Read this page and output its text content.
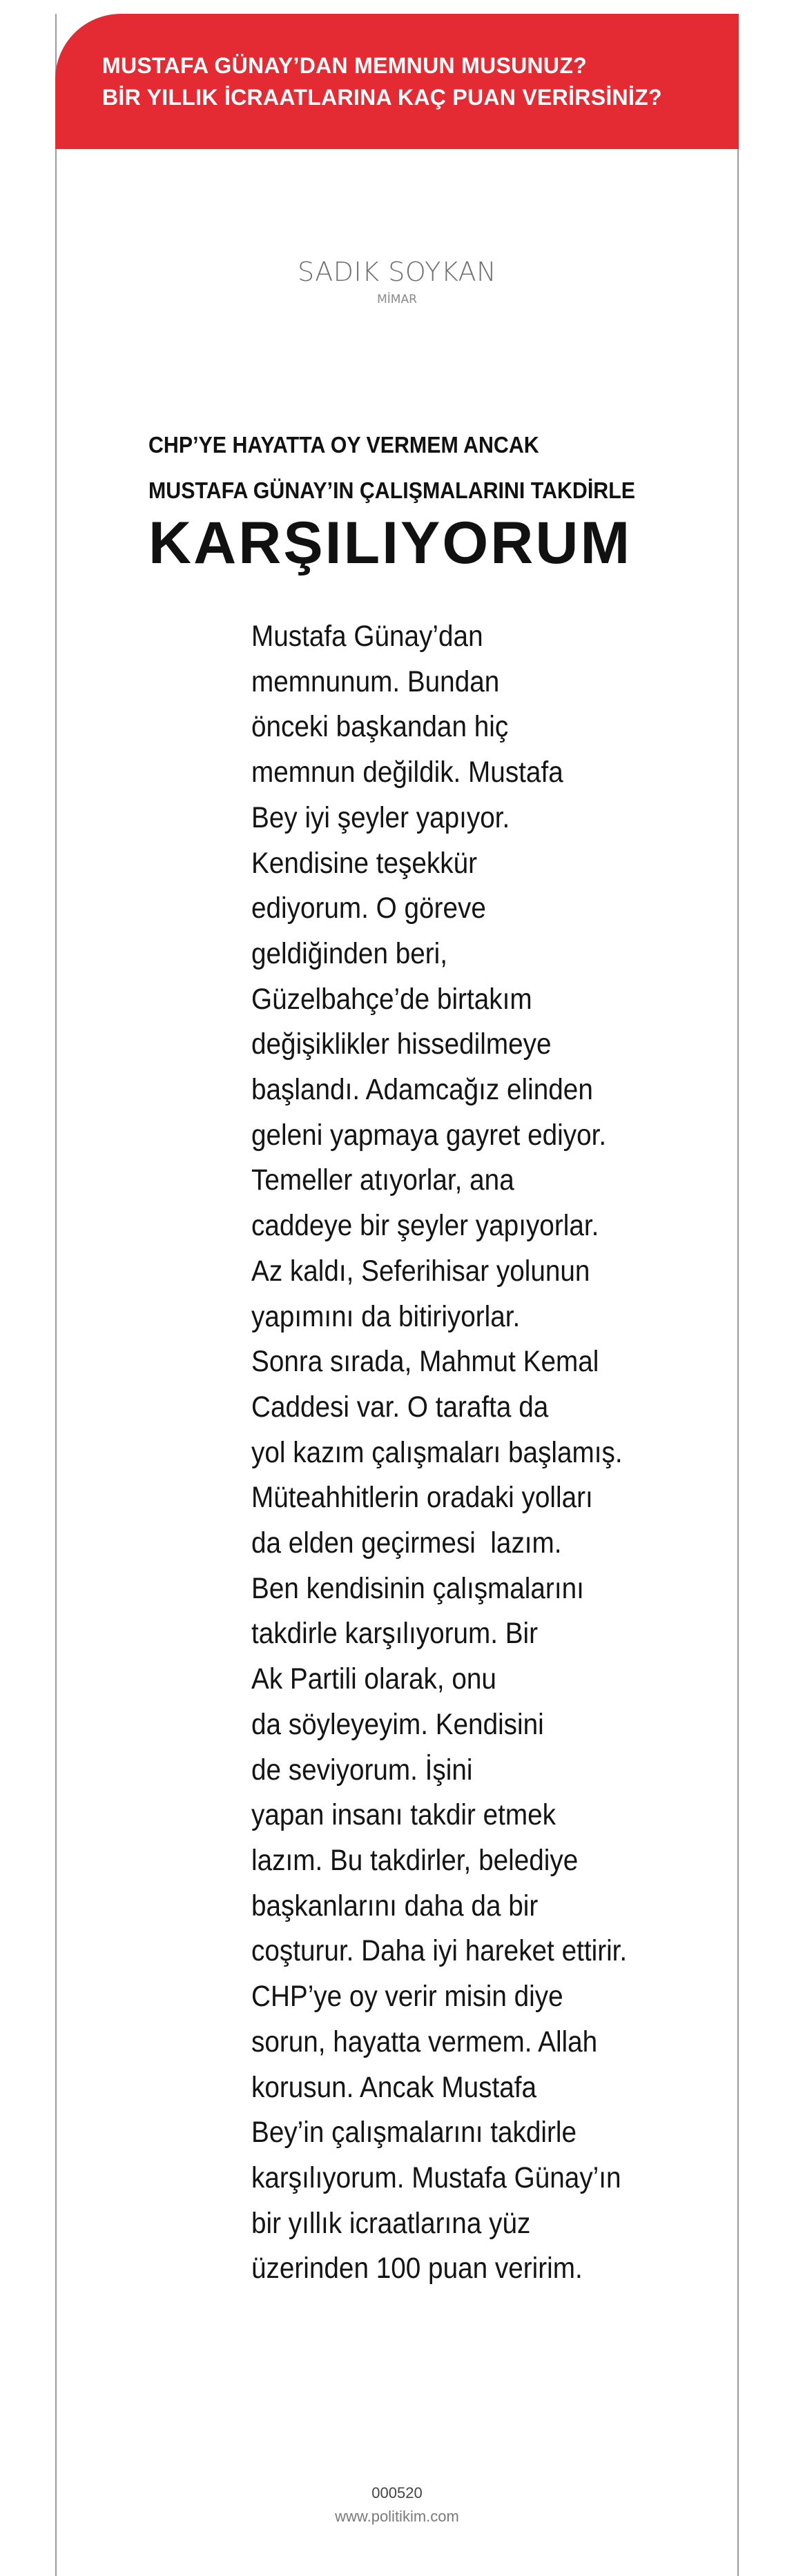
MUSTAFA GÜNAY’DAN MEMNUN MUSUNUZ?
BİR YILLIK İCRAATLARINA KAÇ PUAN VERİRSİNİZ?
SADIK SOYKAN
MİMAR
CHP’YE HAYATTA OY VERMEM ANCAK
MUSTAFA GÜNAY’IN ÇALIŞMALARINI TAKDİRLE
KARŞILIYORUM
Mustafa Günay’dan
memnunum. Bundan
önceki başkandan hiç
memnun değildik. Mustafa
Bey iyi şeyler yapıyor.
Kendisine teşekkür
ediyorum. O göreve
geldiğinden beri,
Güzelbahçe’de birtakım
değişiklikler hissedilmeye
başlandı. Adamcağız elinden
geleni yapmaya gayret ediyor.
Temeller atıyorlar, ana
caddeye bir şeyler yapıyorlar.
Az kaldı, Seferihisar yolunun
yapımını da bitiriyorlar.
Sonra sırada, Mahmut Kemal
Caddesi var. O tarafta da
yol kazım çalışmaları başlamış.
Müteahhitlerin oradaki yolları
da elden geçirmesi  lazım.
Ben kendisinin çalışmalarını
takdirle karşılıyorum. Bir
Ak Partili olarak, onu
da söyleyeyim. Kendisini
de seviyorum. İşini
yapan insanı takdir etmek
lazım. Bu takdirler, belediye
başkanlarını daha da bir
coşturur. Daha iyi hareket ettirir.
CHP’ye oy verir misin diye
sorun, hayatta vermem. Allah
korusun. Ancak Mustafa
Bey’in çalışmalarını takdirle
karşılıyorum. Mustafa Günay’ın
bir yıllık icraatlarına yüz
üzerinden 100 puan veririm.
000520
www.politikim.com
